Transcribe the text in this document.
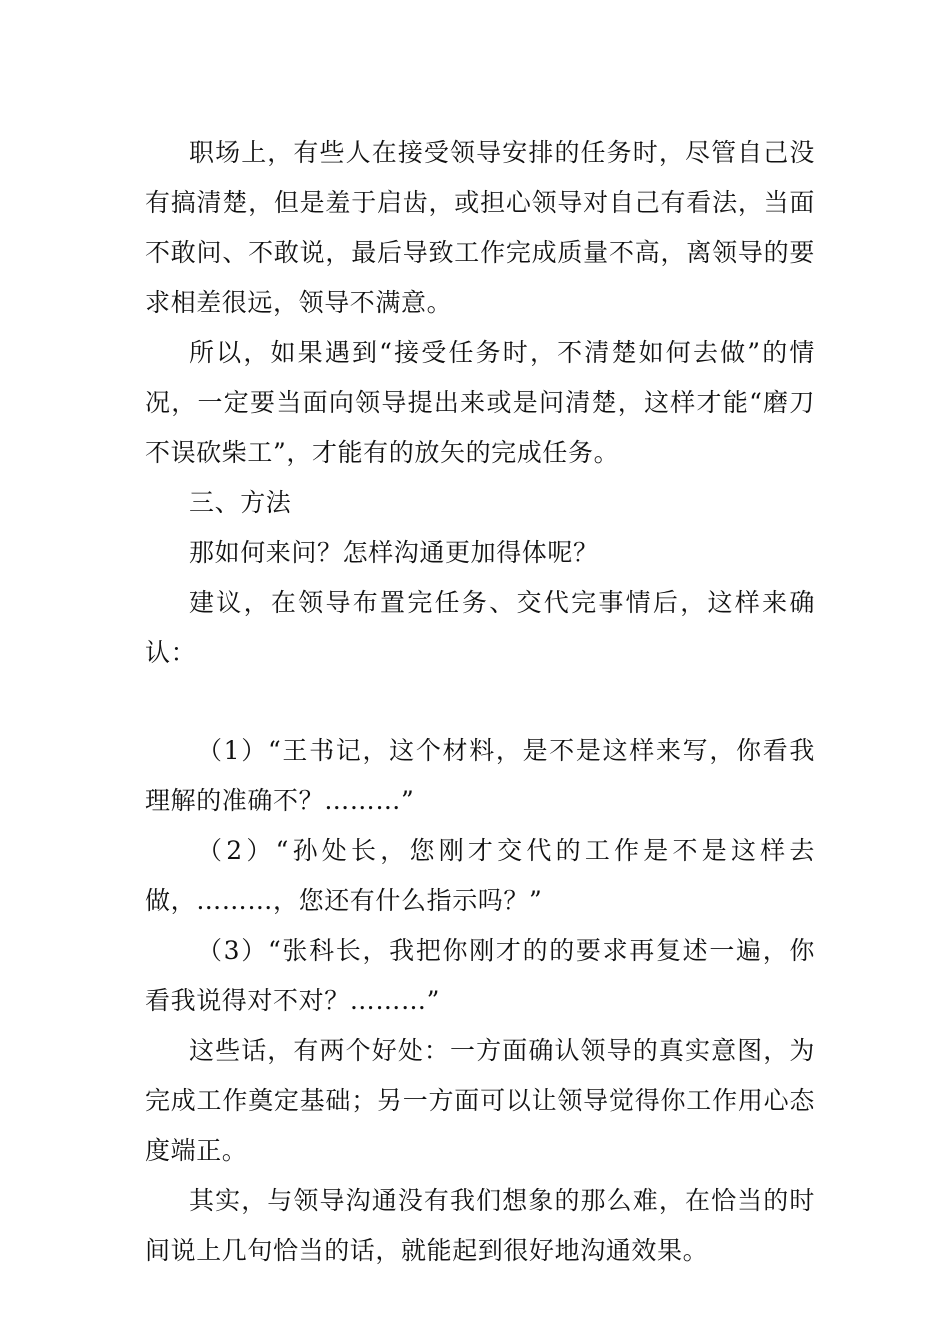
职场上，有些人在接受领导安排的任务时，尽管自己没有搞清楚，但是羞于启齿，或担心领导对自己有看法，当面不敢问、不敢说，最后导致工作完成质量不高，离领导的要求相差很远，领导不满意。

所以，如果遇到“接受任务时，不清楚如何去做”的情况，一定要当面向领导提出来或是问清楚，这样才能“磨刀不误砍柴工”，才能有的放矢的完成任务。

三、方法

那如何来问？怎样沟通更加得体呢？

建议，在领导布置完任务、交代完事情后，这样来确认：

（1）“王书记，这个材料，是不是这样来写，你看我理解的准确不？………”

（2）“孙处长，您刚才交代的工作是不是这样去做，………，您还有什么指示吗？”

（3）“张科长，我把你刚才的的要求再复述一遍，你看我说得对不对？………”

这些话，有两个好处：一方面确认领导的真实意图，为完成工作奠定基础；另一方面可以让领导觉得你工作用心态度端正。

其实，与领导沟通没有我们想象的那么难，在恰当的时间说上几句恰当的话，就能起到很好地沟通效果。
